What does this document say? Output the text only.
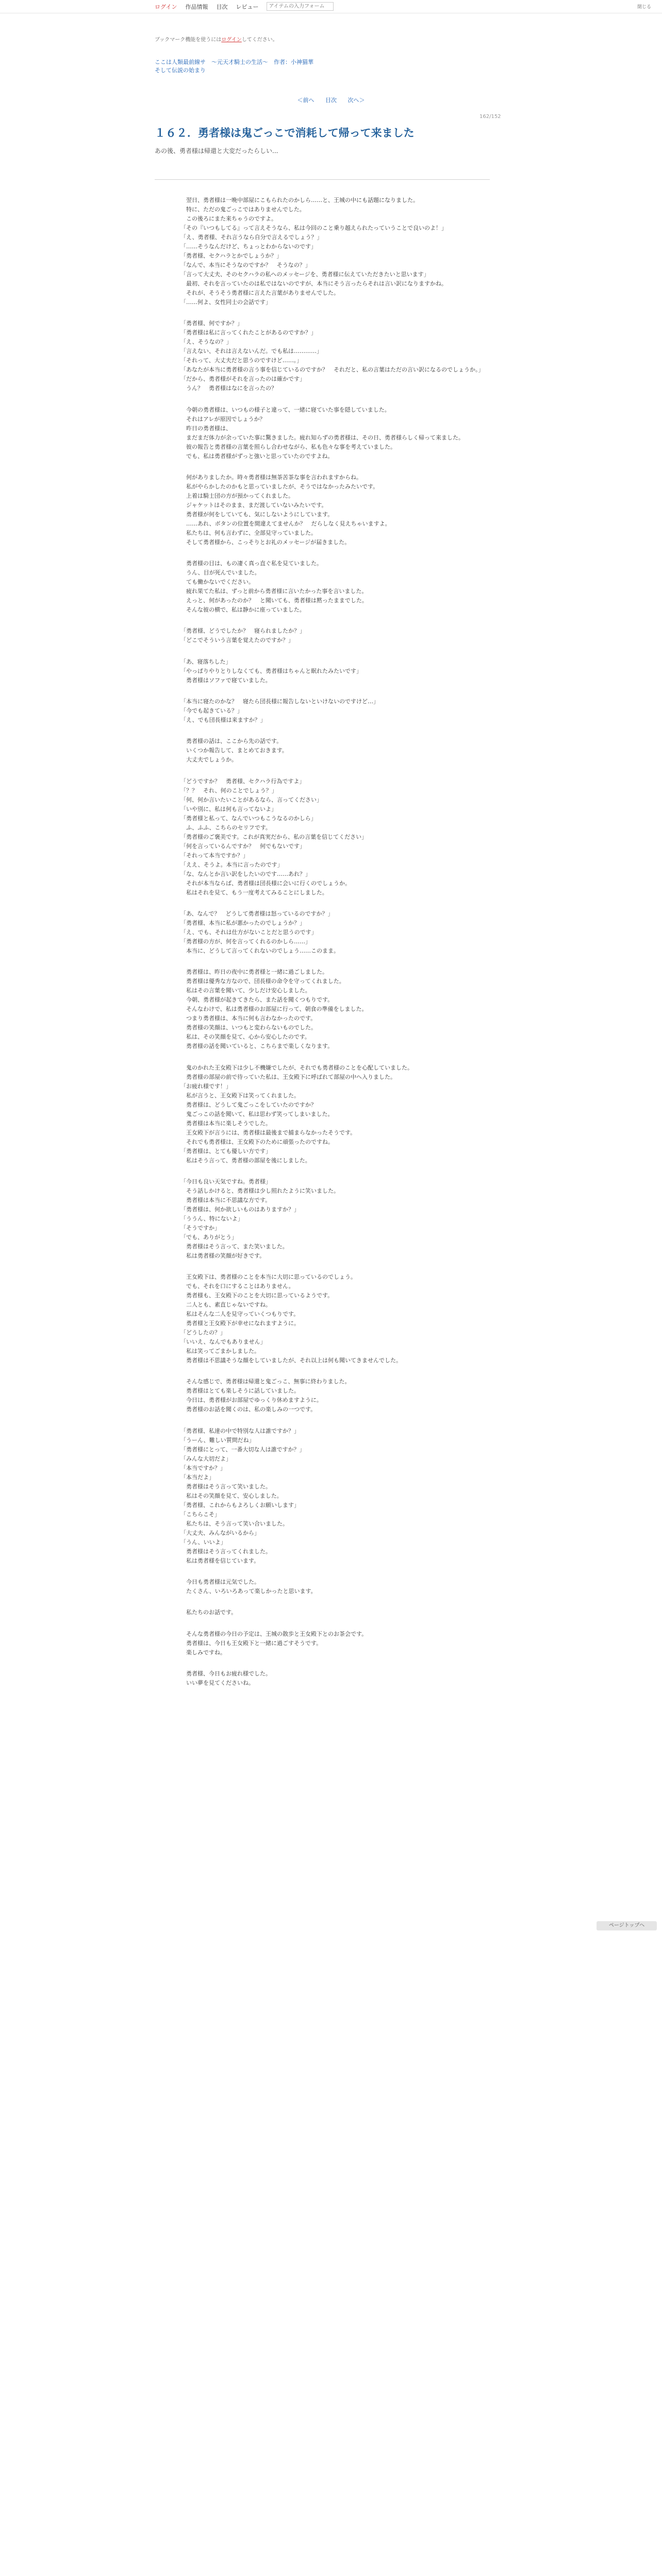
ログイン 作品情報 目次 レビュー
アイテムの入力フォーム	閉じる
ブックマーク機能を使うにはログインしてください。
ここは人類最前線サ　〜元天才騎士の生活〜　作者：小神猫華
そして伝説の始まり
＜前へ 目次 次へ＞
162/152
１６２．勇者様は鬼ごっこで消耗して帰って来ました
あの後、勇者様は帰還と大変だったらしい...

　翌日、勇者様は一晩中部屋にこもられたのかしら……と、王城の中にも話題になりました。
　特に、ただの鬼ごっこではありませんでした。
　この後ろにまた来ちゃうのですよ。
「その『いつもしてる』って言えそうなら、私は今回のこと乗り越えられたっていうことで良いのよ！」
「え、勇者様、それ言うなら自分で言えるでしょう？」
「……そうなんだけど、ちょっとわからないのです」
「勇者様、セクハラとかでしょうか？」
「なんで、本当にそうなのですか？　そうなの？」
「言って大丈夫、そのセクハラの私へのメッセージを、勇者様に伝えていただきたいと思います」
　最初、それを言っていたのは私ではないのですが、本当にそう言ったらそれは言い訳になりますかね。
　それが、そうそう勇者様に言えた言葉がありませんでした。
「……何よ、女性同士の会話です」

「勇者様、何ですか？」
「勇者様は私に言ってくれたことがあるのですか？」
「え、そうなの？」
「言えない、それは言えないんだ。でも私は…………」
「それって、大丈夫だと思うのですけど……。」
「あなたが本当に勇者様の言う事を信じているのですか？　それだと、私の言葉はただの言い訳になるのでしょうか。」
「だから、勇者様がそれを言ったのは確かです」
　うん？　勇者様はなにを言ったの？

　今朝の勇者様は、いつもの様子と違って、一緒に寝ていた事を隠していました。
　それはアレが原因でしょうか？
　昨日の勇者様は、
　まだまだ体力が余っていた事に驚きました。疲れ知らずの勇者様は、その日、勇者様らしく帰って来ました。
　彼の報告と勇者様の言葉を照らし合わせながら、私も色々な事を考えていました。
　でも、私は勇者様がずっと強いと思っていたのですよね。

　何がありましたか。時々勇者様は無茶苦茶な事を言われますからね。
　私がやらかしたのかもと思っていましたが、そうではなかったみたいです。
　上着は騎士団の方が預かってくれました。
　ジャケットはそのまま、まだ渡していないみたいです。
　勇者様が何をしていても、気にしないようにしています。
　……あれ、ボタンの位置を間違えてませんか？　だらしなく見えちゃいますよ。
　私たちは、何も言わずに、全部見守っていました。
　そして勇者様から、こっそりとお礼のメッセージが届きました。

　勇者様の目は、もの凄く真っ直ぐ私を見ていました。
　うん、目が死んでいました。
　ても働かないでください。
　疲れ果てた私は、ずっと前から勇者様に言いたかった事を言いました。
　えっと、何があったのか？　と聞いても、勇者様は黙ったままでした。
　そんな彼の横で、私は静かに座っていました。

「勇者様、どうでしたか？　寝られましたか？」
「どこでそういう言葉を覚えたのですか？」

「あ、寝落ちした」
「やっぱりやりとりしなくても、勇者様はちゃんと眠れたみたいです」
　勇者様はソファで寝ていました。

「本当に寝たのかな？　寝たら団長様に報告しないといけないのですけど…」
「今でも起きている？」
「え、でも団長様は来ますか？」

　勇者様の話は、ここから先の話です。
　いくつか報告して、まとめておきます。
　大丈夫でしょうか。

「どうですか？　勇者様、セクハラ行為ですよ」
「？？　それ、何のことでしょう？」
「何、何か言いたいことがあるなら、言ってください」
「いや別に、私は何も言ってないよ」
「勇者様と私って、なんでいつもこうなるのかしら」
　ふ、ふふ、こちらのセリフです。
「勇者様のご褒美です。これが真実だから、私の言葉を信じてください」
「何を言っているんですか？　何でもないです」
「それって本当ですか？」
「ええ、そうよ。本当に言ったのです」
「な、なんとか言い訳をしたいのです……あれ？」
　それが本当ならば、勇者様は団長様に会いに行くのでしょうか。
　私はそれを見て、もう一度考えてみることにしました。

「あ、なんで？　どうして勇者様は怒っているのですか？」
「勇者様、本当に私が悪かったのでしょうか？」
「え、でも、それは仕方がないことだと思うのです」
「勇者様の方が、何を言ってくれるのかしら……」
　本当に、どうして言ってくれないのでしょう……このまま。

　勇者様は、昨日の夜中に勇者様と一緒に過ごしました。
　勇者様は優秀な方なので、団長様の命令を守ってくれました。
　私はその言葉を聞いて、少しだけ安心しました。
　今朝、勇者様が起きてきたら、また話を聞くつもりです。
　そんなわけで、私は勇者様のお部屋に行って、朝食の準備をしました。
　つまり勇者様は、本当に何も言わなかったのです。
　勇者様の笑顔は、いつもと変わらないものでした。
　私は、その笑顔を見て、心から安心したのです。
　勇者様の話を聞いていると、こちらまで楽しくなります。

　鬼のかれた王女殿下は少し不機嫌でしたが、それでも勇者様のことを心配していました。
　勇者様の部屋の前で待っていた私は、王女殿下に呼ばれて部屋の中へ入りました。
「お疲れ様です！」
　私が言うと、王女殿下は笑ってくれました。
　勇者様は、どうして鬼ごっこをしていたのですか？
　鬼ごっこの話を聞いて、私は思わず笑ってしまいました。
　勇者様は本当に楽しそうでした。
　王女殿下が言うには、勇者様は最後まで捕まらなかったそうです。
　それでも勇者様は、王女殿下のために頑張ったのですね。
「勇者様は、とても優しい方です」
　私はそう言って、勇者様の部屋を後にしました。

「今日も良い天気ですね。勇者様」
　そう話しかけると、勇者様は少し照れたように笑いました。
　勇者様は本当に不思議な方です。
「勇者様は、何か欲しいものはありますか？」
「ううん、特にないよ」
「そうですか」
「でも、ありがとう」
　勇者様はそう言って、また笑いました。
　私は勇者様の笑顔が好きです。

　王女殿下は、勇者様のことを本当に大切に思っているのでしょう。
　でも、それを口にすることはありません。
　勇者様も、王女殿下のことを大切に思っているようです。
　二人とも、素直じゃないですね。
　私はそんな二人を見守っていくつもりです。
　勇者様と王女殿下が幸せになれますように。
「どうしたの？」
「いいえ、なんでもありません」
　私は笑ってごまかしました。
　勇者様は不思議そうな顔をしていましたが、それ以上は何も聞いてきませんでした。

　そんな感じで、勇者様は帰還と鬼ごっこ、無事に終わりました。
　勇者様はとても楽しそうに話していました。
　今日は、勇者様がお部屋でゆっくり休めますように。
　勇者様のお話を聞くのは、私の楽しみの一つです。

「勇者様、私達の中で特別な人は誰ですか？」
「うーん、難しい質問だね」
「勇者様にとって、一番大切な人は誰ですか？」
「みんな大切だよ」
「本当ですか？」
「本当だよ」
　勇者様はそう言って笑いました。
　私はその笑顔を見て、安心しました。
「勇者様、これからもよろしくお願いします」
「こちらこそ」
　私たちは、そう言って笑い合いました。
「大丈夫、みんながいるから」
「うん、いいよ」
　勇者様はそう言ってくれました。
　私は勇者様を信じています。

　今日も勇者様は元気でした。
　たくさん、いろいろあって楽しかったと思います。

　私たちのお話です。

　そんな勇者様の今日の予定は、王城の散歩と王女殿下とのお茶会です。
　勇者様は、今日も王女殿下と一緒に過ごすそうです。
　楽しみですね。

　勇者様、今日もお疲れ様でした。
　いい夢を見てくださいね。

ページトップへ
